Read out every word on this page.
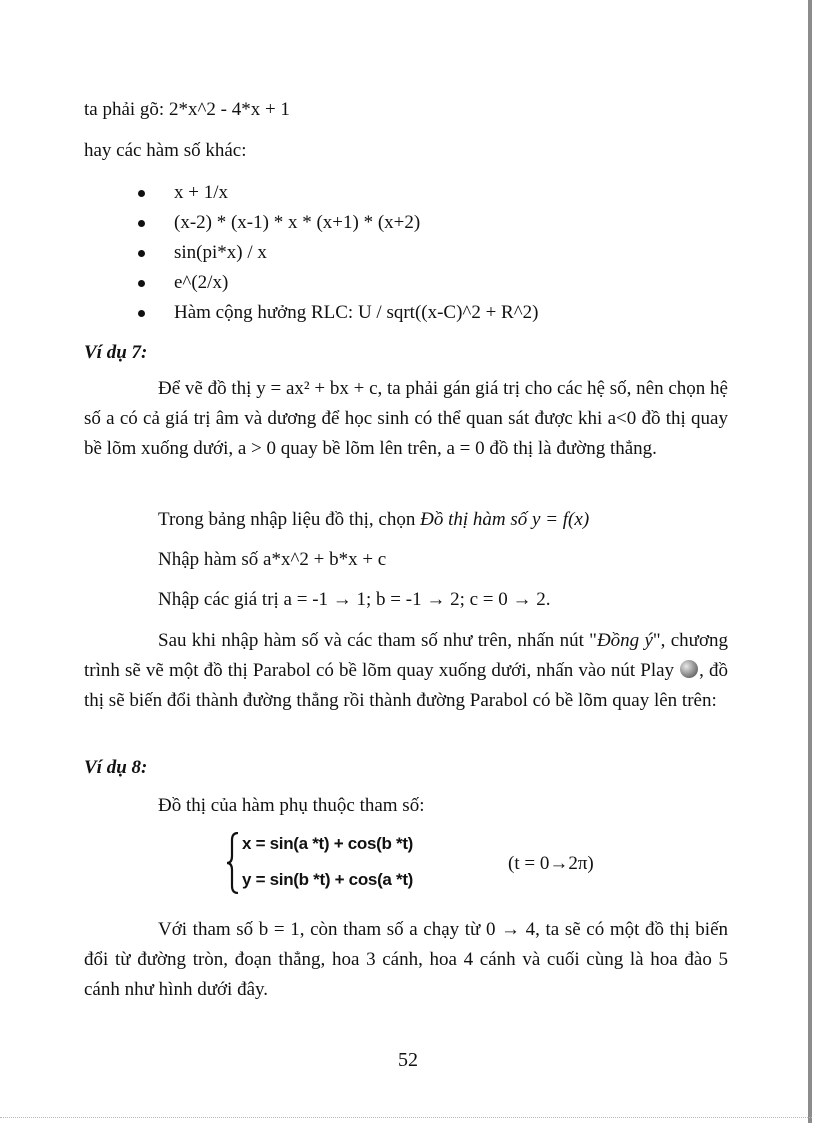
ta phải gõ: 2*x^2 - 4*x + 1
hay các hàm số khác:
x + 1/x
(x-2) * (x-1) * x * (x+1) * (x+2)
sin(pi*x) / x
e^(2/x)
Hàm cộng hưởng RLC: U / sqrt((x-C)^2 + R^2)
Ví dụ 7:
Để vẽ đồ thị y = ax² + bx + c, ta phải gán giá trị cho các hệ số, nên chọn hệ số a có cả giá trị âm và dương để học sinh có thể quan sát được khi a<0 đồ thị quay bề lõm xuống dưới, a > 0 quay bề lõm lên trên, a = 0 đồ thị là đường thẳng.
Trong bảng nhập liệu đồ thị, chọn Đồ thị hàm số y = f(x)
Nhập hàm số a*x^2 + b*x + c
Nhập các giá trị a = -1 → 1; b = -1 → 2; c = 0 → 2.
Sau khi nhập hàm số và các tham số như trên, nhấn nút "Đồng ý", chương trình sẽ vẽ một đồ thị Parabol có bề lõm quay xuống dưới, nhấn vào nút Play , đồ thị sẽ biến đổi thành đường thẳng rồi thành đường Parabol có bề lõm quay lên trên:
Ví dụ 8:
Đồ thị của hàm phụ thuộc tham số:
x = sin(a *t) + cos(b *t)
y = sin(b *t) + cos(a *t)
(t = 0→2π)
Với tham số b = 1, còn tham số a chạy từ 0 → 4, ta sẽ có một đồ thị biến đổi từ đường tròn, đoạn thẳng, hoa 3 cánh, hoa 4 cánh và cuối cùng là hoa đào 5 cánh như hình dưới đây.
52
